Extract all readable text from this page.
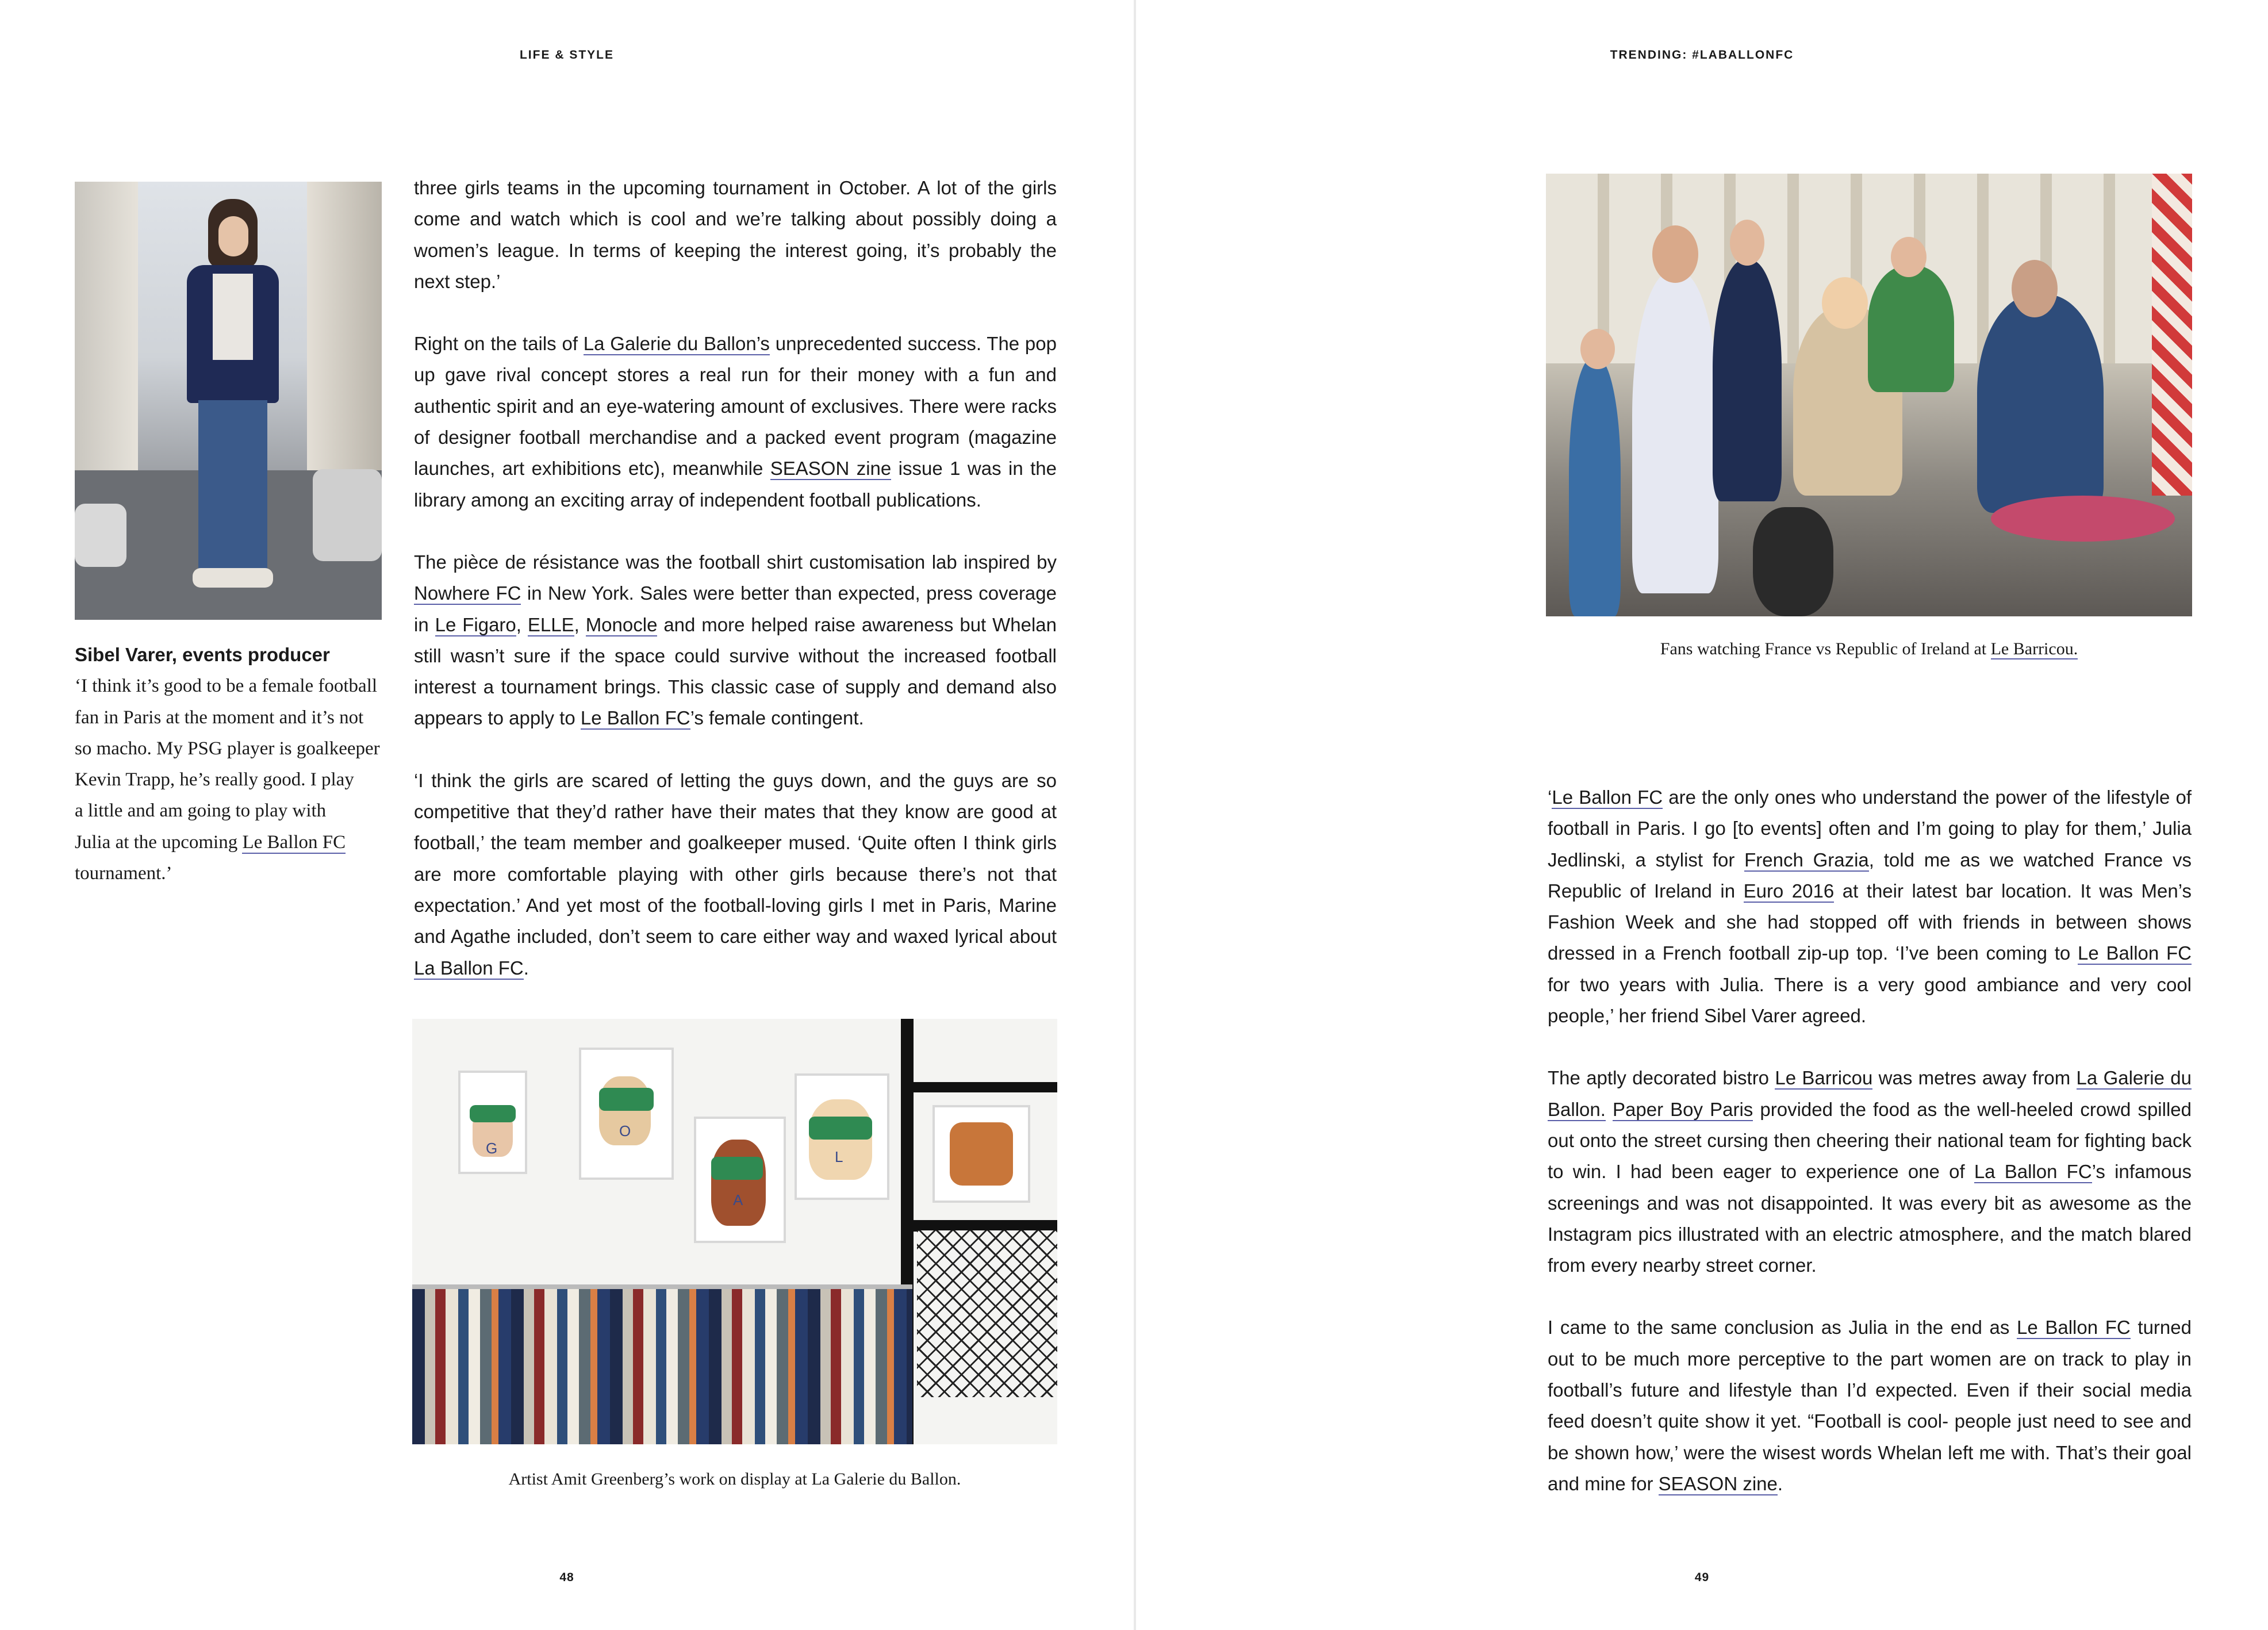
LIFE & STYLE
Sibel Varer, events producer
‘I think it’s good to be a female football
fan in Paris at the moment and it’s not
so macho. My PSG player is goalkeeper
Kevin Trapp, he’s really good. I play
a little and am going to play with
Julia at the upcoming Le Ballon FC
tournament.’

three girls teams in the upcoming tournament in October. A lot of the girls come and watch which is cool and we’re talking about possibly doing a women’s league. In terms of keeping the interest going, it’s probably the next step.’

Right on the tails of La Galerie du Ballon’s unprecedented success. The pop up gave rival concept stores a real run for their money with a fun and authentic spirit and an eye-watering amount of exclusives. There were racks of designer football merchandise and a packed event program (magazine launches, art exhibitions etc), meanwhile SEASON zine issue 1 was in the library among an exciting array of independent football publications.

The pièce de résistance was the football shirt customisation lab inspired by Nowhere FC in New York. Sales were better than expected, press coverage in Le Figaro, ELLE, Monocle and more helped raise awareness but Whelan still wasn’t sure if the space could survive without the increased football interest a tournament brings. This classic case of supply and demand also appears to apply to Le Ballon FC’s female contingent.

‘I think the girls are scared of letting the guys down, and the guys are so competitive that they’d rather have their mates that they know are good at football,’ the team member and goalkeeper mused. ‘Quite often I think girls are more comfortable playing with other girls because there’s not that expectation.’ And yet most of the football-loving girls I met in Paris, Marine and Agathe included, don’t seem to care either way and waxed lyrical about La Ballon FC.

G
O
A
L
Artist Amit Greenberg’s work on display at La Galerie du Ballon.
48
TRENDING: #LABALLONFC
Fans watching France vs Republic of Ireland at Le Barricou.

‘Le Ballon FC are the only ones who understand the power of the lifestyle of football in Paris. I go [to events] often and I’m going to play for them,’ Julia Jedlinski, a stylist for French Grazia, told me as we watched France vs Republic of Ireland in Euro 2016 at their latest bar location. It was Men’s Fashion Week and she had stopped off with friends in between shows dressed in a French football zip-up top. ‘I’ve been coming to Le Ballon FC for two years with Julia. There is a very good ambiance and very cool people,’ her friend Sibel Varer agreed.

The aptly decorated bistro Le Barricou was metres away from La Galerie du Ballon. Paper Boy Paris provided the food as the well-heeled crowd spilled out onto the street cursing then cheering their national team for fighting back to win. I had been eager to experience one of La Ballon FC’s infamous screenings and was not disappointed. It was every bit as awesome as the Instagram pics illustrated with an electric atmosphere, and the match blared from every nearby street corner.

I came to the same conclusion as Julia in the end as Le Ballon FC turned out to be much more perceptive to the part women are on track to play in football’s future and lifestyle than I’d expected. Even if their social media feed doesn’t quite show it yet. “Football is cool- people just need to see and be shown how,’ were the wisest words Whelan left me with. That’s their goal and mine for SEASON zine.

49
